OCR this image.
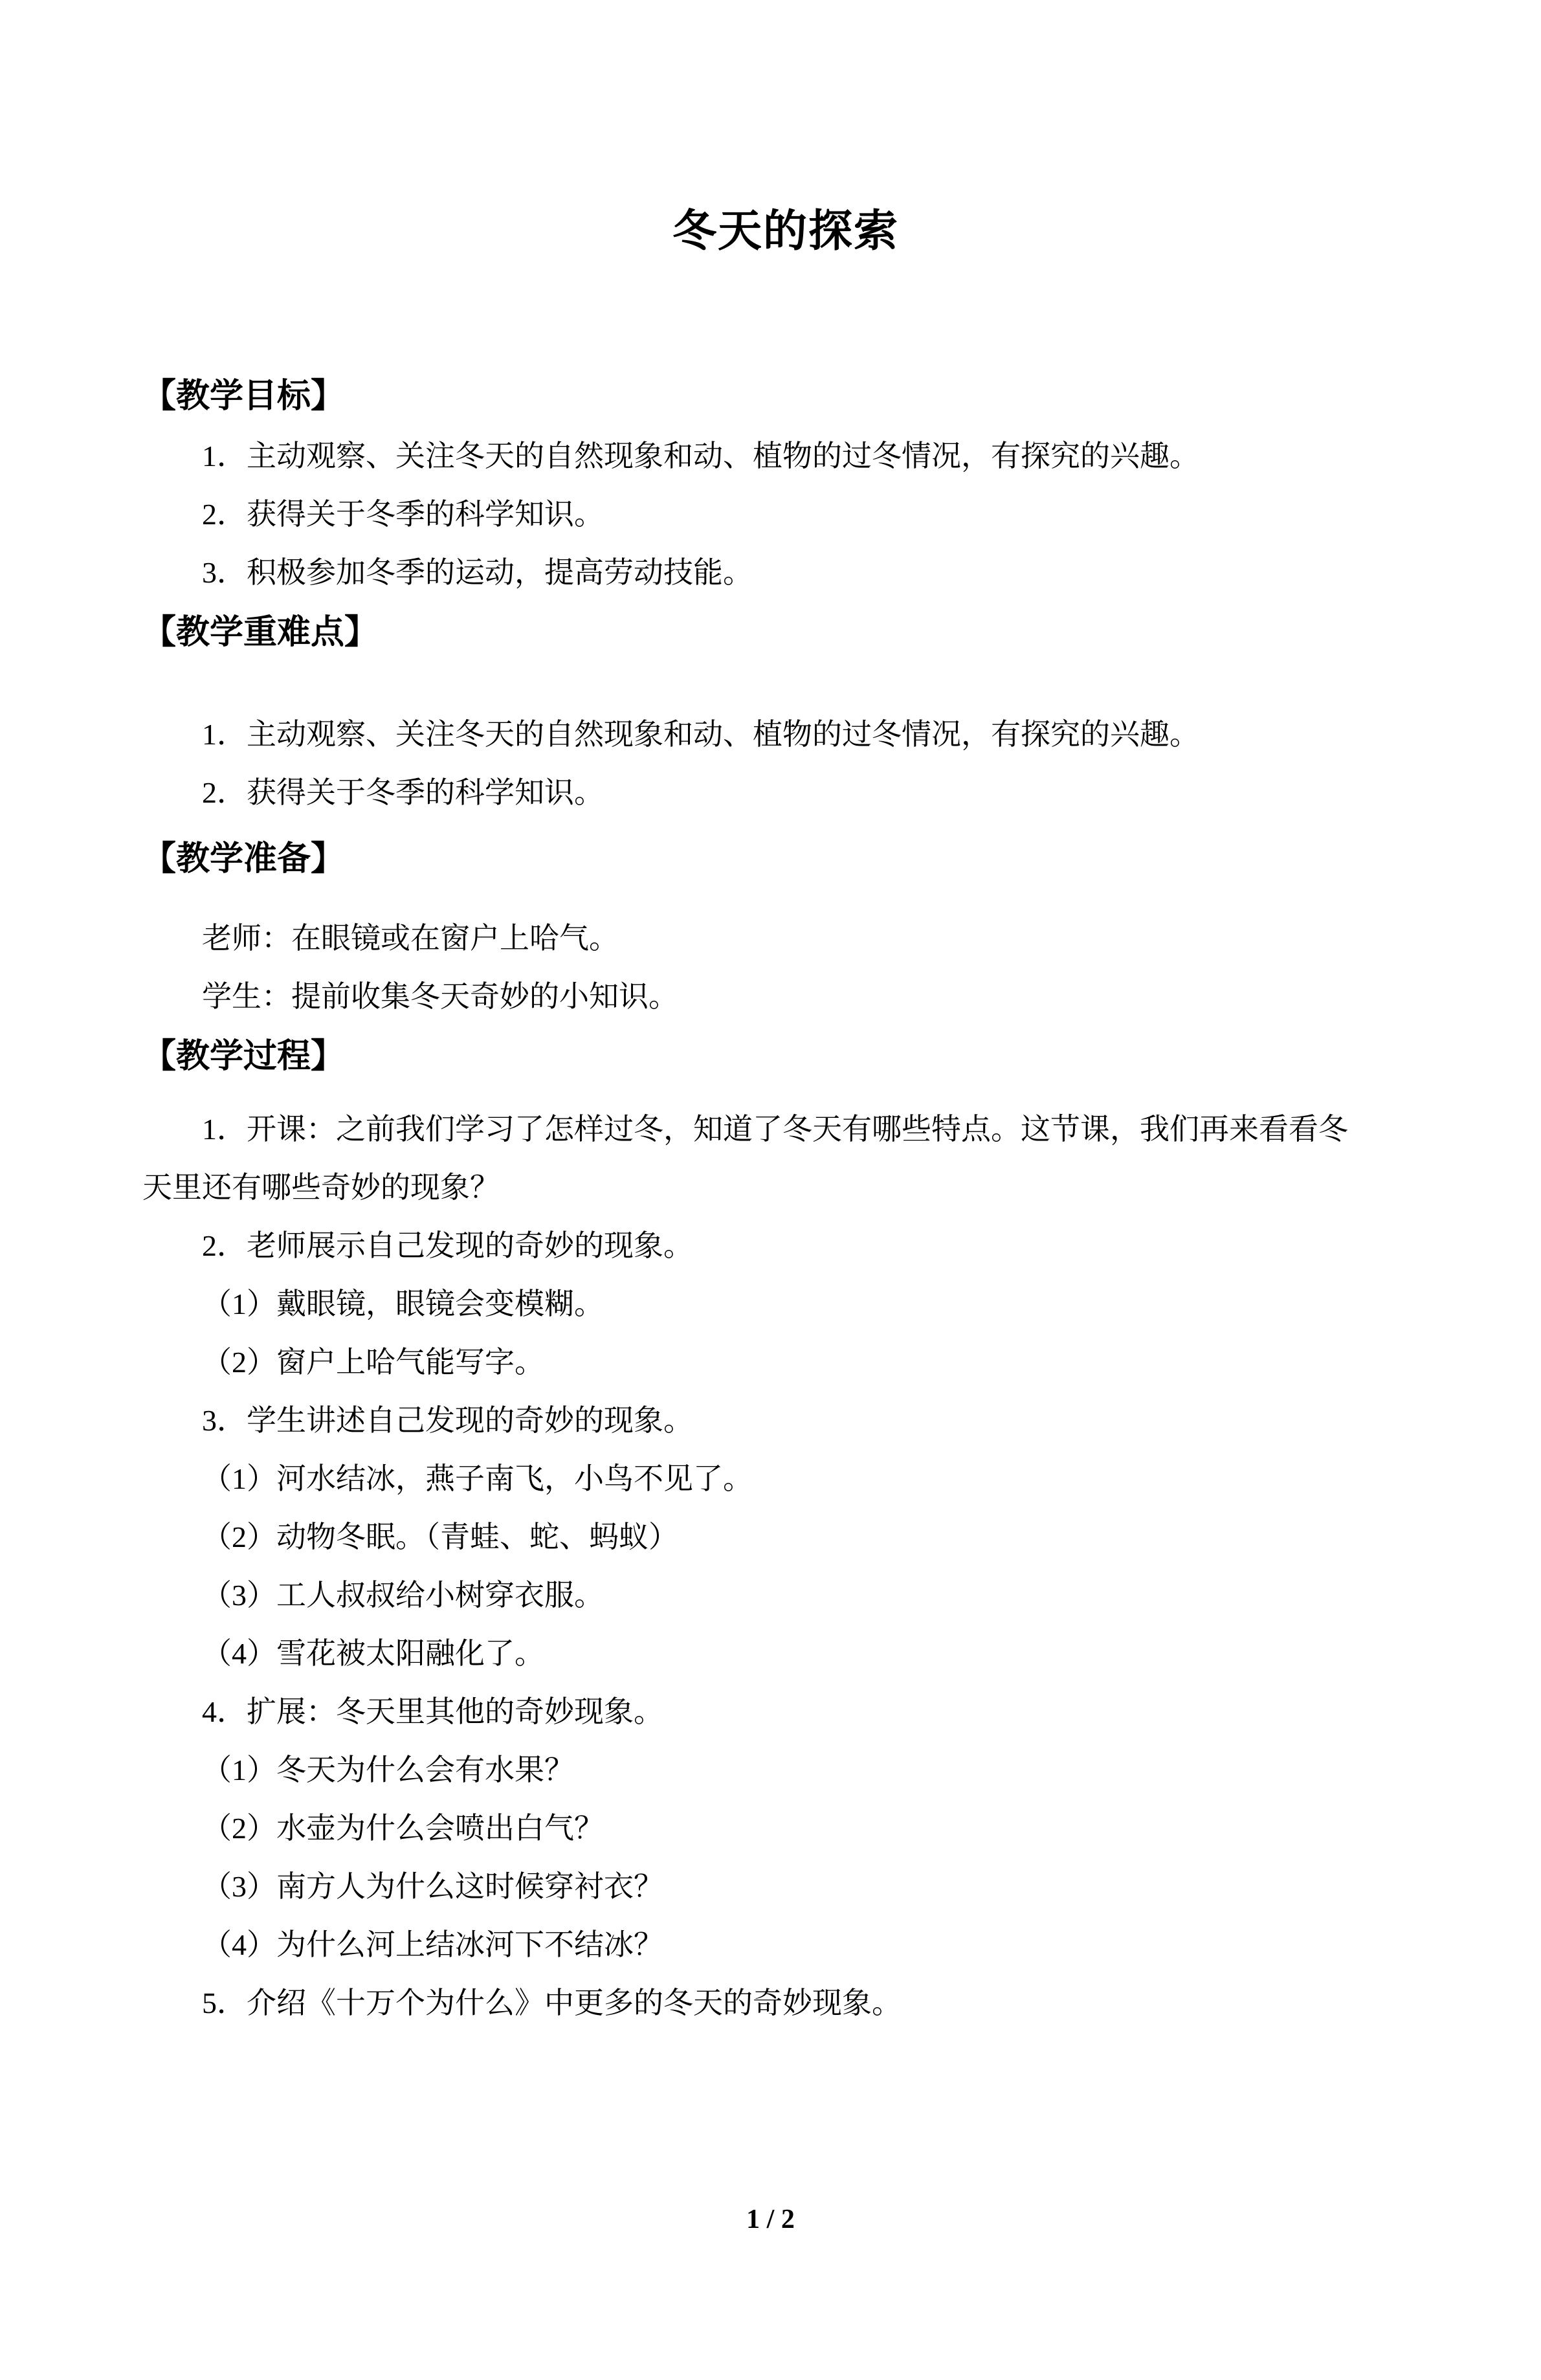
冬天的探索
【教学目标】

1．主动观察、关注冬天的自然现象和动、植物的过冬情况，有探究的兴趣。

2．获得关于冬季的科学知识。

3．积极参加冬季的运动，提高劳动技能。

【教学重难点】

1．主动观察、关注冬天的自然现象和动、植物的过冬情况，有探究的兴趣。

2．获得关于冬季的科学知识。

【教学准备】

老师：在眼镜或在窗户上哈气。

学生：提前收集冬天奇妙的小知识。

【教学过程】

1．开课：之前我们学习了怎样过冬，知道了冬天有哪些特点。这节课，我们再来看看冬

天里还有哪些奇妙的现象？

2．老师展示自己发现的奇妙的现象。

（1）戴眼镜，眼镜会变模糊。

（2）窗户上哈气能写字。

3．学生讲述自己发现的奇妙的现象。

（1）河水结冰，燕子南飞，小鸟不见了。

（2）动物冬眠。（青蛙、蛇、蚂蚁）

（3）工人叔叔给小树穿衣服。

（4）雪花被太阳融化了。

4．扩展：冬天里其他的奇妙现象。

（1）冬天为什么会有水果？

（2）水壶为什么会喷出白气？

（3）南方人为什么这时候穿衬衣？

（4）为什么河上结冰河下不结冰？

5．介绍《十万个为什么》中更多的冬天的奇妙现象。

1 / 2
